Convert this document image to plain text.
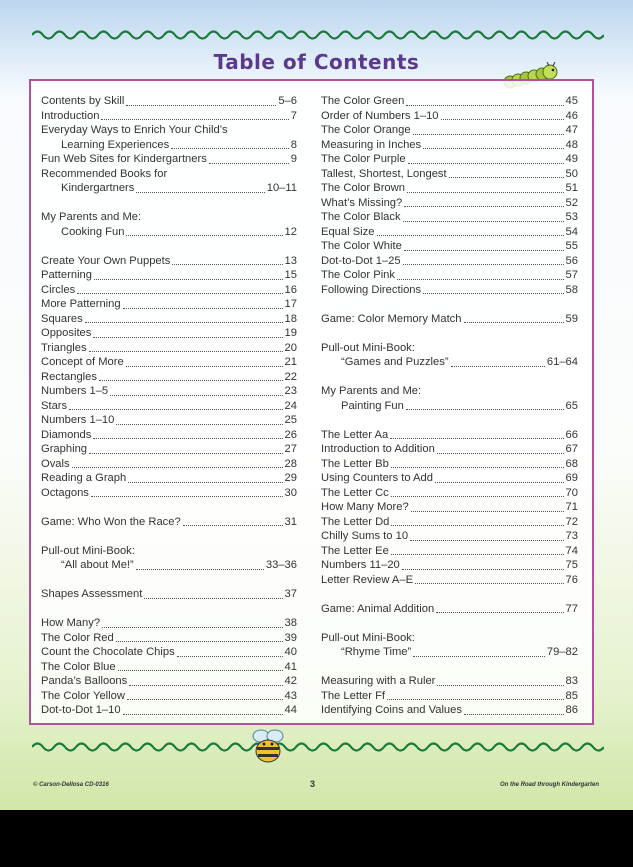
Table of Contents
Contents by Skill	5–6
Introduction	7
Everyday Ways to Enrich Your Child’s
Learning Experiences	8
Fun Web Sites for Kindergartners	9
Recommended Books for
Kindergartners	10–11
My Parents and Me:
Cooking Fun	12
Create Your Own Puppets	13
Patterning	15
Circles	16
More Patterning	17
Squares	18
Opposites	19
Triangles	20
Concept of More	21
Rectangles	22
Numbers 1–5	23
Stars	24
Numbers 1–10	25
Diamonds	26
Graphing	27
Ovals	28
Reading a Graph	29
Octagons	30
Game: Who Won the Race?	31
Pull-out Mini-Book:
“All about Me!”	33–36
Shapes Assessment	37
How Many?	38
The Color Red	39
Count the Chocolate Chips	40
The Color Blue	41
Panda’s Balloons	42
The Color Yellow	43
Dot-to-Dot 1–10	44
The Color Green	45
Order of Numbers 1–10	46
The Color Orange	47
Measuring in Inches	48
The Color Purple	49
Tallest, Shortest, Longest	50
The Color Brown	51
What’s Missing?	52
The Color Black	53
Equal Size	54
The Color White	55
Dot-to-Dot 1–25	56
The Color Pink	57
Following Directions	58
Game: Color Memory Match	59
Pull-out Mini-Book:
“Games and Puzzles”	61–64
My Parents and Me:
Painting Fun	65
The Letter Aa	66
Introduction to Addition	67
The Letter Bb	68
Using Counters to Add	69
The Letter Cc	70
How Many More?	71
The Letter Dd	72
Chilly Sums to 10	73
The Letter Ee	74
Numbers 11–20	75
Letter Review A–E	76
Game: Animal Addition	77
Pull-out Mini-Book:
“Rhyme Time”	79–82
Measuring with a Ruler	83
The Letter Ff	85
Identifying Coins and Values	86
© Carson-Dellosa CD-0316	3	On the Road through Kindergarten
